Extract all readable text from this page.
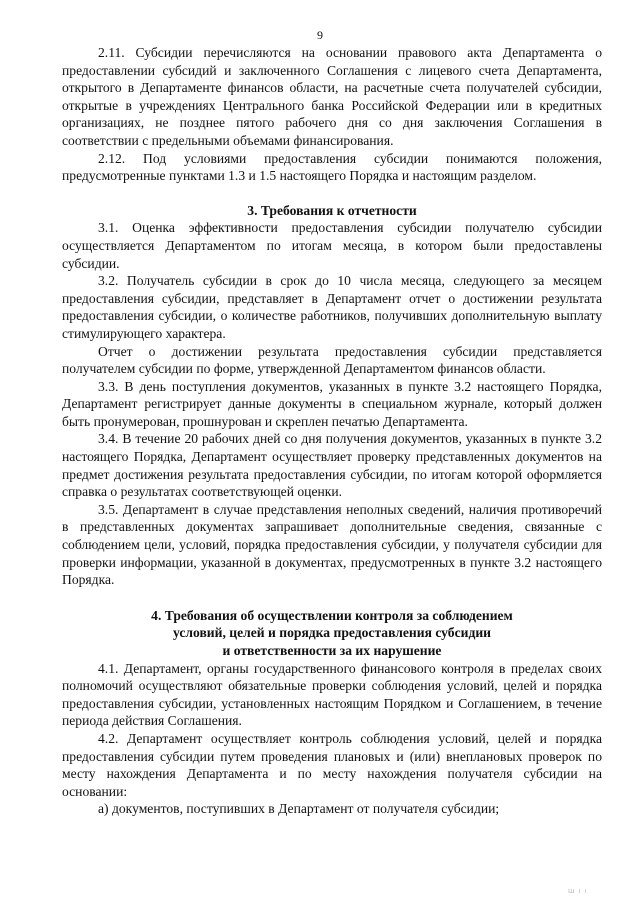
9

2.11. Субсидии перечисляются на основании правового акта Департамента о предоставлении субсидий и заключенного Соглашения с лицевого счета Департамента, открытого в Департаменте финансов области, на расчетные счета получателей субсидии, открытые в учреждениях Центрального банка Российской Федерации или в кредитных организациях, не позднее пятого рабочего дня со дня заключения Соглашения в соответствии с предельными объемами финансирования.

2.12. Под условиями предоставления субсидии понимаются положения, предусмотренные пунктами 1.3 и 1.5 настоящего Порядка и настоящим разделом.

3. Требования к отчетности

3.1. Оценка эффективности предоставления субсидии получателю субсидии осуществляется Департаментом по итогам месяца, в котором были предоставлены субсидии.

3.2. Получатель субсидии в срок до 10 числа месяца, следующего за месяцем предоставления субсидии, представляет в Департамент отчет о достижении результата предоставления субсидии, о количестве работников, получивших дополнительную выплату стимулирующего характера.

Отчет о достижении результата предоставления субсидии представляется получателем субсидии по форме, утвержденной Департаментом финансов области.

3.3. В день поступления документов, указанных в пункте 3.2 настоящего Порядка, Департамент регистрирует данные документы в специальном журнале, который должен быть пронумерован, прошнурован и скреплен печатью Департамента.

3.4. В течение 20 рабочих дней со дня получения документов, указанных в пункте 3.2 настоящего Порядка, Департамент осуществляет проверку представленных документов на предмет достижения результата предоставления субсидии, по итогам которой оформляется справка о результатах соответствующей оценки.

3.5. Департамент в случае представления неполных сведений, наличия противоречий в представленных документах запрашивает дополнительные сведения, связанные с соблюдением цели, условий, порядка предоставления субсидии, у получателя субсидии для проверки информации, указанной в документах, предусмотренных в пункте 3.2 настоящего Порядка.

4. Требования об осуществлении контроля за соблюдением
условий, целей и порядка предоставления субсидии
и ответственности за их нарушение

4.1. Департамент, органы государственного финансового контроля в пределах своих полномочий осуществляют обязательные проверки соблюдения условий, целей и порядка предоставления субсидии, установленных настоящим Порядком и Соглашением, в течение периода действия Соглашения.

4.2. Департамент осуществляет контроль соблюдения условий, целей и порядка предоставления субсидии путем проведения плановых и (или) внеплановых проверок по месту нахождения Департамента и по месту нахождения получателя субсидии на основании:

а) документов, поступивших в Департамент от получателя субсидии;

ш ı ı
